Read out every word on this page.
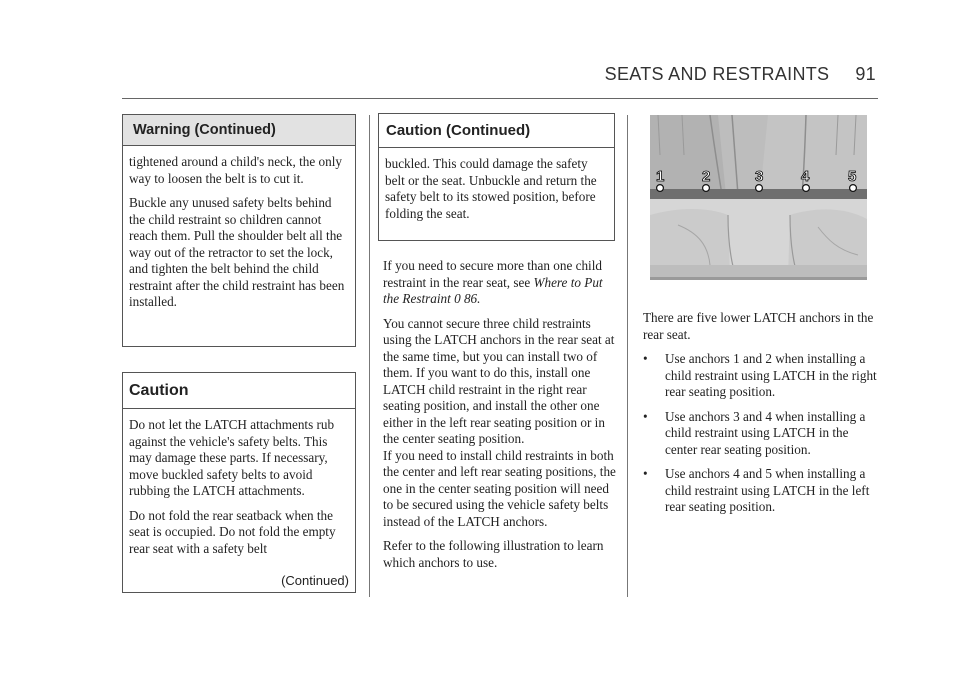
SEATS AND RESTRAINTS 91
Warning (Continued)

tightened around a child's neck, the only way to loosen the belt is to cut it.

Buckle any unused safety belts behind the child restraint so children cannot reach them. Pull the shoulder belt all the way out of the retractor to set the lock, and tighten the belt behind the child restraint after the child restraint has been installed.

Caution

Do not let the LATCH attachments rub against the vehicle's safety belts. This may damage these parts. If necessary, move buckled safety belts to avoid rubbing the LATCH attachments.

Do not fold the rear seatback when the seat is occupied. Do not fold the empty rear seat with a safety belt

(Continued)
Caution (Continued)

buckled. This could damage the safety belt or the seat. Unbuckle and return the safety belt to its stowed position, before folding the seat.

If you need to secure more than one child restraint in the rear seat, see Where to Put the Restraint 0 86.

You cannot secure three child restraints using the LATCH anchors in the rear seat at the same time, but you can install two of them. If you want to do this, install one LATCH child restraint in the right rear seating position, and install the other one either in the left rear seating position or in the center seating position.

If you need to install child restraints in both the center and left rear seating positions, the one in the center seating position will need to be secured using the vehicle safety belts instead of the LATCH anchors.

Refer to the following illustration to learn which anchors to use.

1	2	3	4	5

There are five lower LATCH anchors in the rear seat.

•	Use anchors 1 and 2 when installing a child restraint using LATCH in the right rear seating position.
•	Use anchors 3 and 4 when installing a child restraint using LATCH in the center rear seating position.
•	Use anchors 4 and 5 when installing a child restraint using LATCH in the left rear seating position.
